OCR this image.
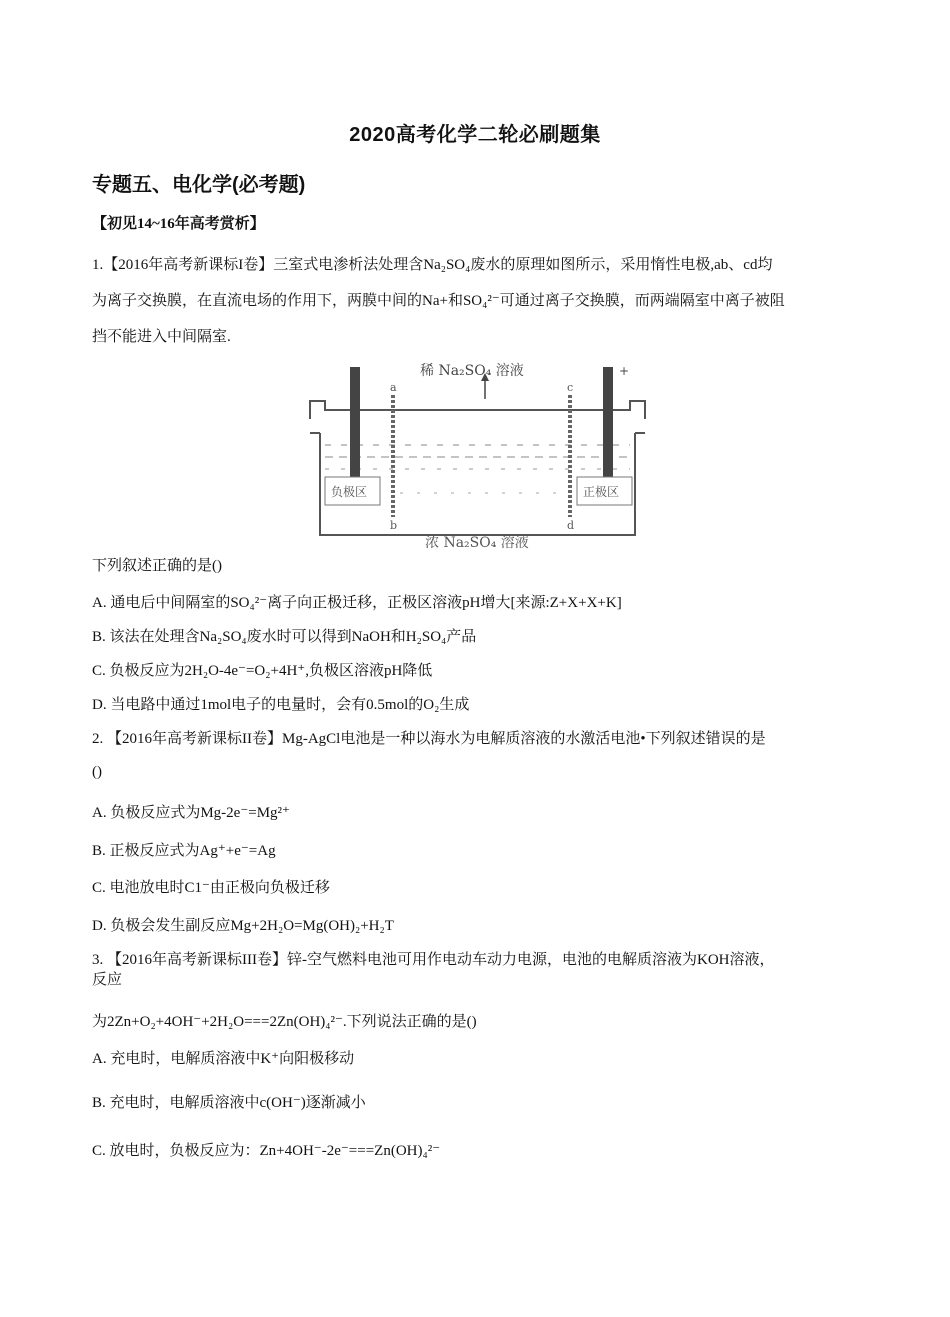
2020高考化学二轮必刷题集
专题五、电化学(必考题)
【初见14~16年高考赏析】
1.【2016年高考新课标I卷】三室式电渗析法处理含Na₂SO₄废水的原理如图所示，采用惰性电极,ab、cd均
为离子交换膜，在直流电场的作用下，两膜中间的Na+和SO₄²⁻可通过离子交换膜，而两端隔室中离子被阻
挡不能进入中间隔室.
稀 Na₂SO₄ 溶液
浓 Na₂SO₄ 溶液
负极区	正极区
a
b
c
d
+
下列叙述正确的是()
A. 通电后中间隔室的SO₄²⁻离子向正极迁移，正极区溶液pH增大[来源:Z+X+X+K]
B. 该法在处理含Na₂SO₄废水时可以得到NaOH和H₂SO₄产品
C. 负极反应为2H₂O-4e⁻=O₂+4H⁺,负极区溶液pH降低
D. 当电路中通过1mol电子的电量时，会有0.5mol的O₂生成
2. 【2016年高考新课标II卷】Mg-AgCl电池是一种以海水为电解质溶液的水激活电池•下列叙述错误的是
()
A. 负极反应式为Mg-2e⁻=Mg²⁺
B. 正极反应式为Ag⁺+e⁻=Ag
C. 电池放电时C1⁻由正极向负极迁移
D. 负极会发生副反应Mg+2H₂O=Mg(OH)₂+H₂T
3. 【2016年高考新课标III卷】锌-空气燃料电池可用作电动车动力电源，电池的电解质溶液为KOH溶液，
反应
为2Zn+O₂+4OH⁻+2H₂O===2Zn(OH)₄²⁻.下列说法正确的是()
A. 充电时，电解质溶液中K⁺向阳极移动
B. 充电时，电解质溶液中c(OH⁻)逐渐减小
C. 放电时，负极反应为：Zn+4OH⁻-2e⁻===Zn(OH)₄²⁻
